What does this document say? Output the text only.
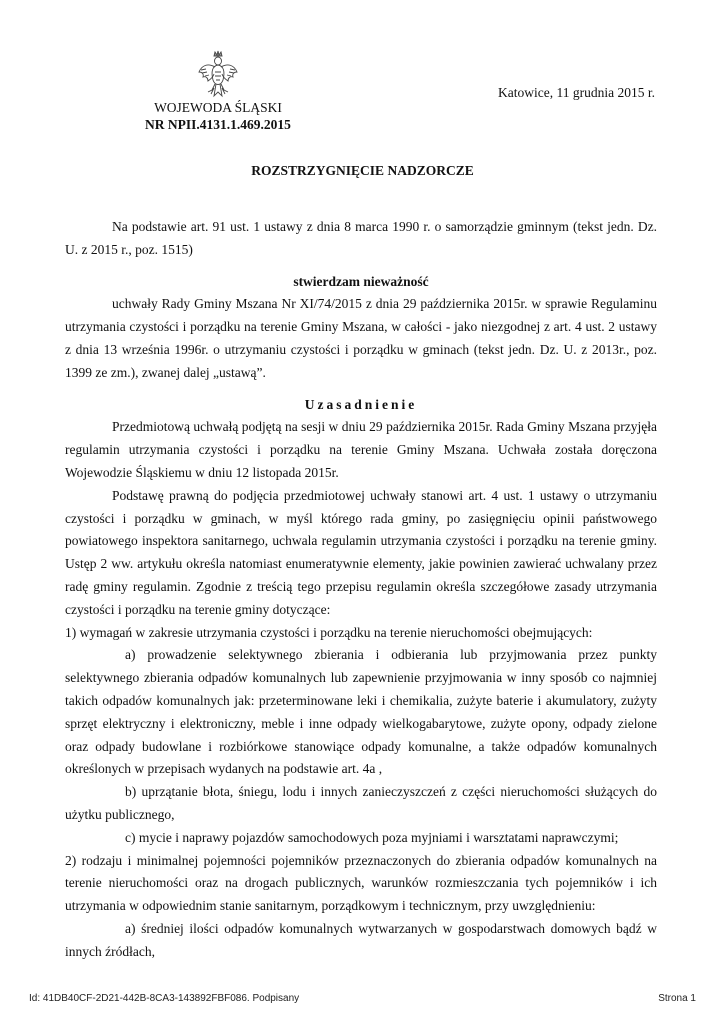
WOJEWODA ŚLĄSKI
NR NPII.4131.1.469.2015
Katowice, 11 grudnia 2015 r.
ROZSTRZYGNIĘCIE NADZORCZE

Na podstawie art. 91 ust. 1 ustawy z dnia 8 marca 1990 r. o samorządzie gminnym (tekst jedn. Dz. U. z 2015 r., poz. 1515)

stwierdzam nieważność

uchwały Rady Gminy Mszana Nr XI/74/2015 z dnia 29 października 2015r. w sprawie Regulaminu utrzymania czystości i porządku na terenie Gminy Mszana, w całości - jako niezgodnej z art. 4 ust. 2 ustawy z dnia 13 września 1996r. o utrzymaniu czystości i porządku w gminach (tekst jedn. Dz. U. z 2013r., poz. 1399 ze zm.), zwanej dalej „ustawą”.

Uzasadnienie

Przedmiotową uchwałą podjętą na sesji w dniu 29 października 2015r. Rada Gminy Mszana przyjęła regulamin utrzymania czystości i porządku na terenie Gminy Mszana. Uchwała została doręczona Wojewodzie Śląskiemu w dniu 12 listopada 2015r.

Podstawę prawną do podjęcia przedmiotowej uchwały stanowi art. 4 ust. 1 ustawy o utrzymaniu czystości i porządku w gminach, w myśl którego rada gminy, po zasięgnięciu opinii państwowego powiatowego inspektora sanitarnego, uchwala regulamin utrzymania czystości i porządku na terenie gminy. Ustęp 2 ww. artykułu określa natomiast enumeratywnie elementy, jakie powinien zawierać uchwalany przez radę gminy regulamin. Zgodnie z treścią tego przepisu regulamin określa szczegółowe zasady utrzymania czystości i porządku na terenie gminy dotyczące:

1) wymagań w zakresie utrzymania czystości i porządku na terenie nieruchomości obejmujących:

a) prowadzenie selektywnego zbierania i odbierania lub przyjmowania przez punkty selektywnego zbierania odpadów komunalnych lub zapewnienie przyjmowania w inny sposób co najmniej takich odpadów komunalnych jak: przeterminowane leki i chemikalia, zużyte baterie i akumulatory, zużyty sprzęt elektryczny i elektroniczny, meble i inne odpady wielkogabarytowe, zużyte opony, odpady zielone oraz odpady budowlane i rozbiórkowe stanowiące odpady komunalne, a także odpadów komunalnych określonych w przepisach wydanych na podstawie art. 4a ,

b) uprzątanie błota, śniegu, lodu i innych zanieczyszczeń z części nieruchomości służących do użytku publicznego,

c) mycie i naprawy pojazdów samochodowych poza myjniami i warsztatami naprawczymi;

2) rodzaju i minimalnej pojemności pojemników przeznaczonych do zbierania odpadów komunalnych na terenie nieruchomości oraz na drogach publicznych, warunków rozmieszczania tych pojemników i ich utrzymania w odpowiednim stanie sanitarnym, porządkowym i technicznym, przy uwzględnieniu:

a) średniej ilości odpadów komunalnych wytwarzanych w gospodarstwach domowych bądź w innych źródłach,

Id: 41DB40CF-2D21-442B-8CA3-143892FBF086. Podpisany	Strona 1
